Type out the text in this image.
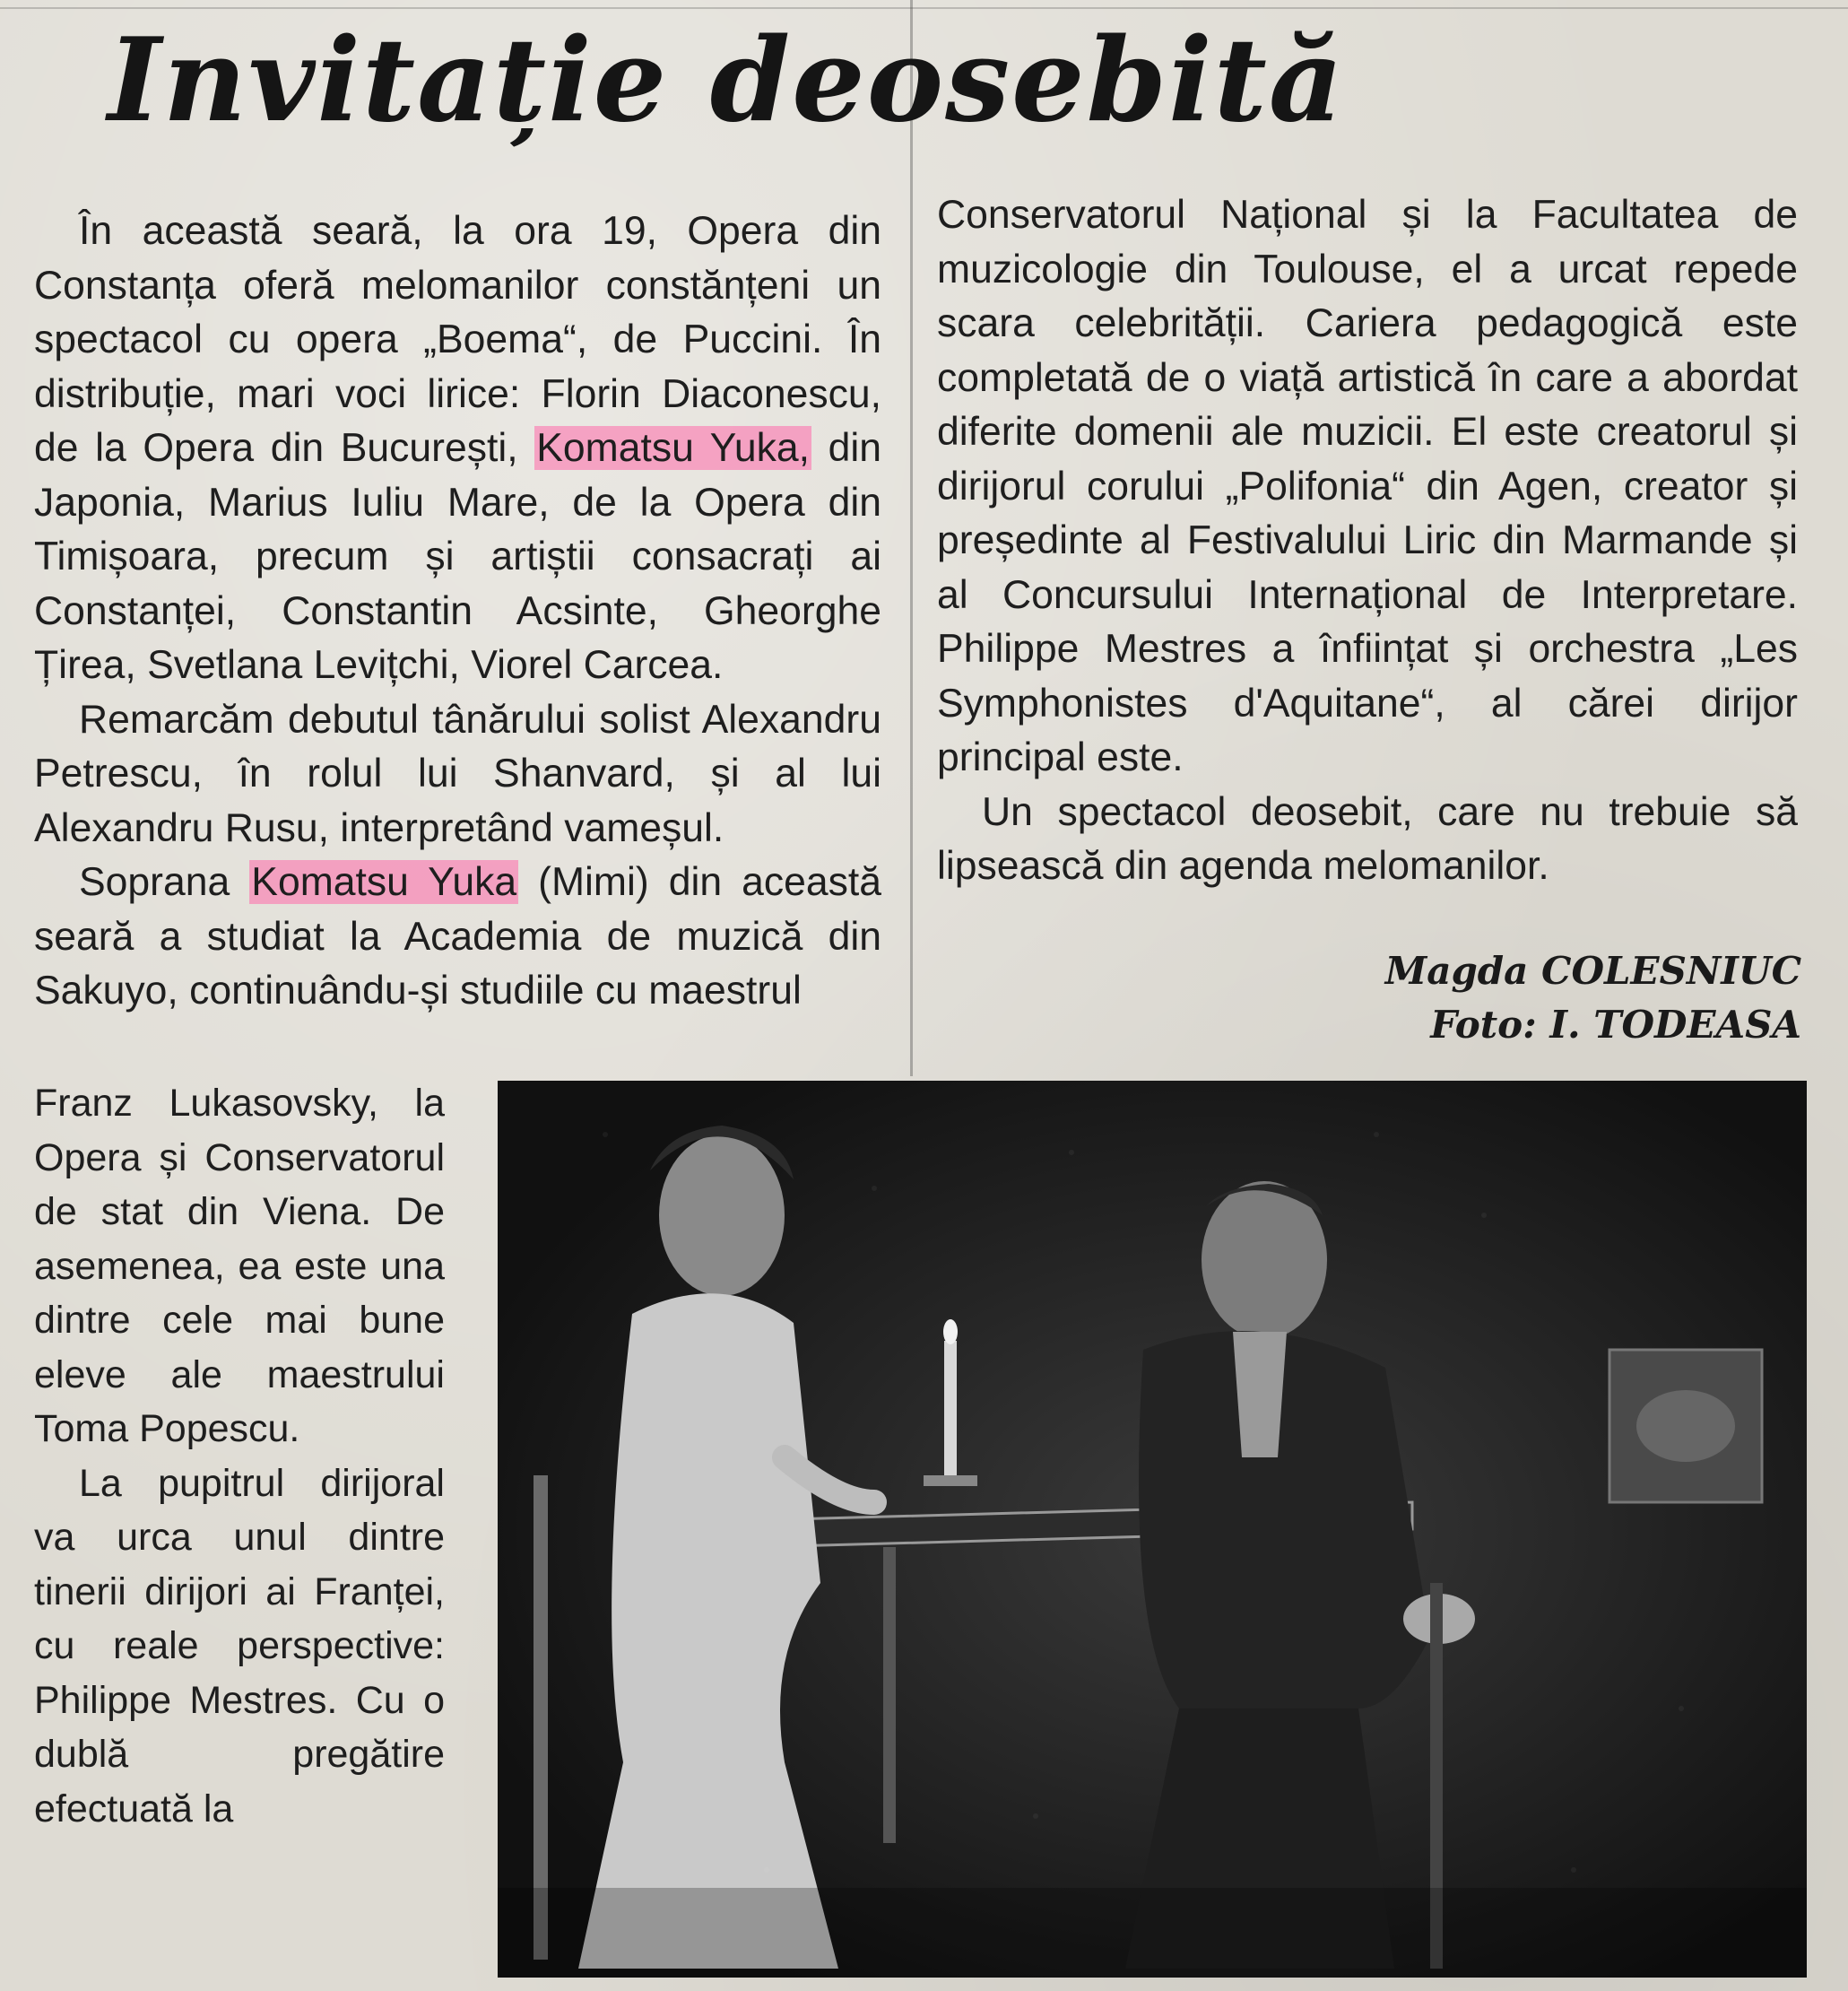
Invitație deosebită

În această seară, la ora 19, Opera din Constanța oferă melomanilor constănțeni un spectacol cu opera „Boema“, de Puccini. În distribuție, mari voci lirice: Florin Diaconescu, de la Opera din București, Komatsu Yuka, din Japonia, Marius Iuliu Mare, de la Opera din Timișoara, precum și artiștii consacrați ai Constanței, Constantin Acsinte, Gheorghe Țirea, Svetlana Levițchi, Viorel Carcea.

Remarcăm debutul tânărului solist Alexandru Petrescu, în rolul lui Shanvard, și al lui Alexandru Rusu, interpretând vameșul.

Soprana Komatsu Yuka (Mimi) din această seară a studiat la Academia de muzică din Sakuyo, continuându-și studiile cu maestrul

Franz Lukasovsky, la Opera și Conservatorul de stat din Viena. De asemenea, ea este una dintre cele mai bune eleve ale maestrului Toma Popescu.

La pupitrul dirijoral va urca unul dintre tinerii dirijori ai Franței, cu reale perspective: Philippe Mestres. Cu o dublă pregătire efectuată la

Conservatorul Național și la Facultatea de muzicologie din Toulouse, el a urcat repede scara celebrității. Cariera pedagogică este completată de o viață artistică în care a abordat diferite domenii ale muzicii. El este creatorul și dirijorul corului „Polifonia“ din Agen, creator și președinte al Festivalului Liric din Marmande și al Concursului Internațional de Interpretare. Philippe Mestres a înființat și orchestra „Les Symphonistes d'Aquitane“, al cărei dirijor principal este.

Un spectacol deosebit, care nu trebuie să lipsească din agenda melomanilor.

Magda COLESNIUC
Foto: I. TODEASA
